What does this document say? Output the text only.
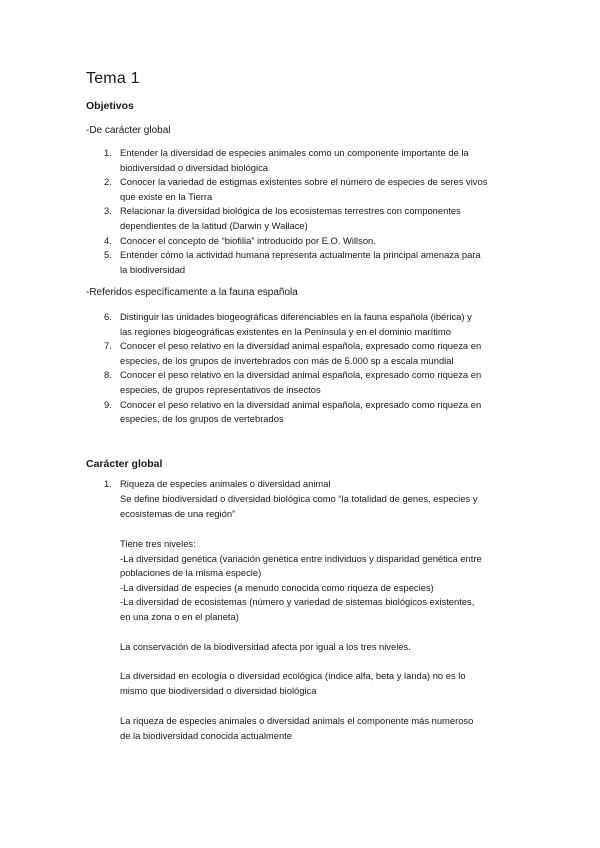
Tema 1
Objetivos

-De carácter global

1. Entender la diversidad de especies animales como un componente importante de la
biodiversidad o diversidad biológica
2. Conocer la variedad de estigmas existentes sobre el número de especies de seres vivos
que existe en la Tierra
3. Relacionar la diversidad biológica de los ecosistemas terrestres con componentes
dependientes de la latitud (Darwin y Wallace)
4. Conocer el concepto de “biofilia” introducido por E.O. Willson.
5. Entender cómo la actividad humana representa actualmente la principal amenaza para
la biodiversidad

-Referidos específicamente a la fauna española

6. Distinguir las unidades biogeográficas diferenciables en la fauna española (ibérica) y
las regiones biogeográficas existentes en la Península y en el dominio marítimo
7. Conocer el peso relativo en la diversidad animal española, expresado como riqueza en
especies, de los grupos de invertebrados con más de 5.000 sp a escala mundial
8. Conocer el peso relativo en la diversidad animal española, expresado como riqueza en
especies, de grupos representativos de insectos
9. Conocer el peso relativo en la diversidad animal española, expresado como riqueza en
especies, de los grupos de vertebrados
Carácter global

1. Riqueza de especies animales o diversidad animal

Se define biodiversidad o diversidad biológica como “la totalidad de genes, especies y
ecosistemas de una región”

Tiene tres niveles:
-La diversidad genética (variación genética entre individuos y disparidad genética entre
poblaciones de la misma especie)
-La diversidad de especies (a menudo conocida como riqueza de especies)
-La diversidad de ecosistemas (número y variedad de sistemas biológicos existentes,
en una zona o en el planeta)

La conservación de la biodiversidad afecta por igual a los tres niveles.

La diversidad en ecología o diversidad ecológica (índice alfa, beta y landa) no es lo
mismo que biodiversidad o diversidad biológica

La riqueza de especies animales o diversidad animals el componente más numeroso
de la biodiversidad conocida actualmente
